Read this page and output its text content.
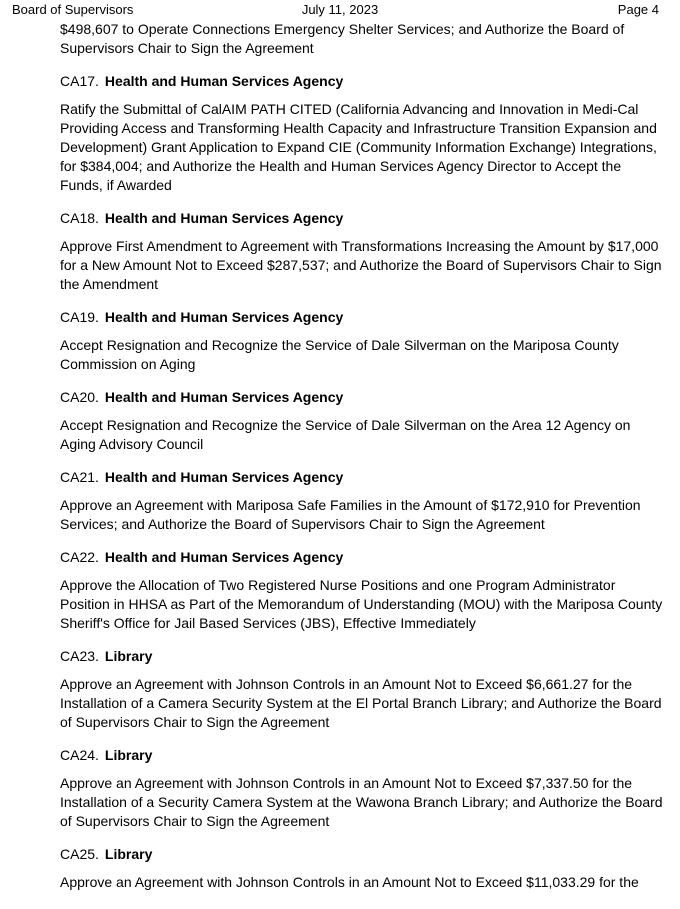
Board of Supervisors	July 11, 2023	Page 4

$498,607 to Operate Connections Emergency Shelter Services; and Authorize the Board of Supervisors Chair to Sign the Agreement

CA17. Health and Human Services Agency

Ratify the Submittal of CalAIM PATH CITED (California Advancing and Innovation in Medi-Cal Providing Access and Transforming Health Capacity and Infrastructure Transition Expansion and Development) Grant Application to Expand CIE (Community Information Exchange) Integrations, for $384,004; and Authorize the Health and Human Services Agency Director to Accept the Funds, if Awarded

CA18. Health and Human Services Agency

Approve First Amendment to Agreement with Transformations Increasing the Amount by $17,000 for a New Amount Not to Exceed $287,537; and Authorize the Board of Supervisors Chair to Sign the Amendment

CA19. Health and Human Services Agency

Accept Resignation and Recognize the Service of Dale Silverman on the Mariposa County Commission on Aging

CA20. Health and Human Services Agency

Accept Resignation and Recognize the Service of Dale Silverman on the Area 12 Agency on Aging Advisory Council

CA21. Health and Human Services Agency

Approve an Agreement with Mariposa Safe Families in the Amount of $172,910 for Prevention Services; and Authorize the Board of Supervisors Chair to Sign the Agreement

CA22. Health and Human Services Agency

Approve the Allocation of Two Registered Nurse Positions and one Program Administrator Position in HHSA as Part of the Memorandum of Understanding (MOU) with the Mariposa County Sheriff's Office for Jail Based Services (JBS), Effective Immediately

CA23. Library

Approve an Agreement with Johnson Controls in an Amount Not to Exceed $6,661.27 for the Installation of a Camera Security System at the El Portal Branch Library; and Authorize the Board of Supervisors Chair to Sign the Agreement

CA24. Library

Approve an Agreement with Johnson Controls in an Amount Not to Exceed $7,337.50 for the Installation of a Security Camera System at the Wawona Branch Library; and Authorize the Board of Supervisors Chair to Sign the Agreement

CA25. Library

Approve an Agreement with Johnson Controls in an Amount Not to Exceed $11,033.29 for the
